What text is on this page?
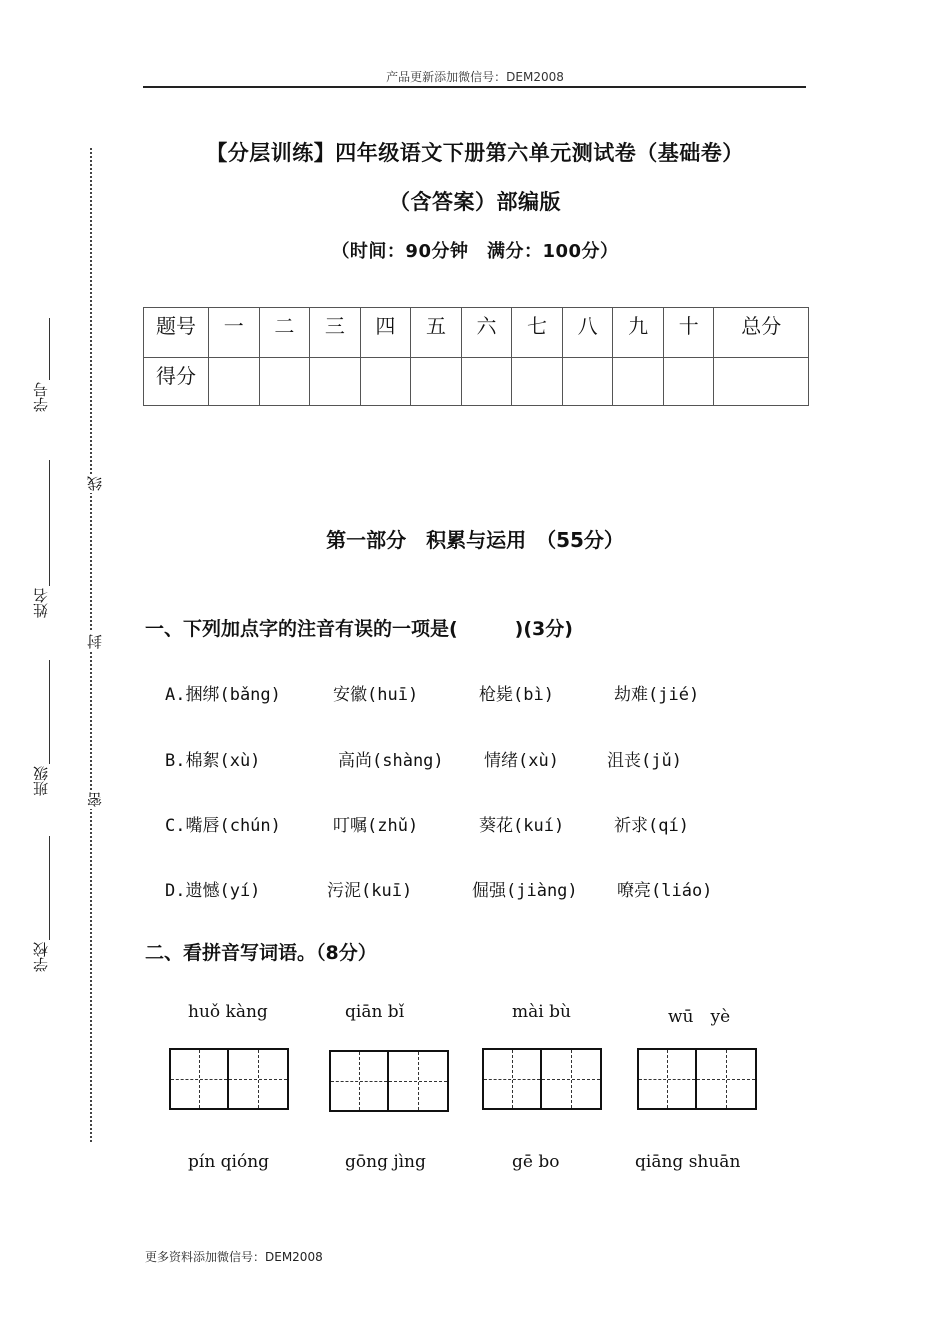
产品更新添加微信号：DEM2008
【分层训练】四年级语文下册第六单元测试卷（基础卷）
（含答案）部编版
（时间：90分钟　满分：100分）
题号	一	二	三	四	五	六	七	八	九	十	总分
得分											
学号
姓名
班级
学校
线
封
密
第一部分　积累与运用　（55分）
一、下列加点字的注音有误的一项是(　　　)(3分)
A.捆绑(bǎng)	安徽(huī)	枪毙(bì)	劫难(jié)
B.棉絮(xù)	高尚(shàng) 情绪(xù)	沮丧(jǔ)
C.嘴唇(chún)	叮嘱(zhǔ)	葵花(kuí)	祈求(qí)
D.遗憾(yí)	污泥(kuī)	倔强(jiàng) 嘹亮(liáo)
二、看拼音写词语。（8分）
huǒ kàng	qiān bǐ	mài bù	wū　yè
pín qióng	gōng jìng	gē bo	qiāng shuān
更多资料添加微信号：DEM2008
